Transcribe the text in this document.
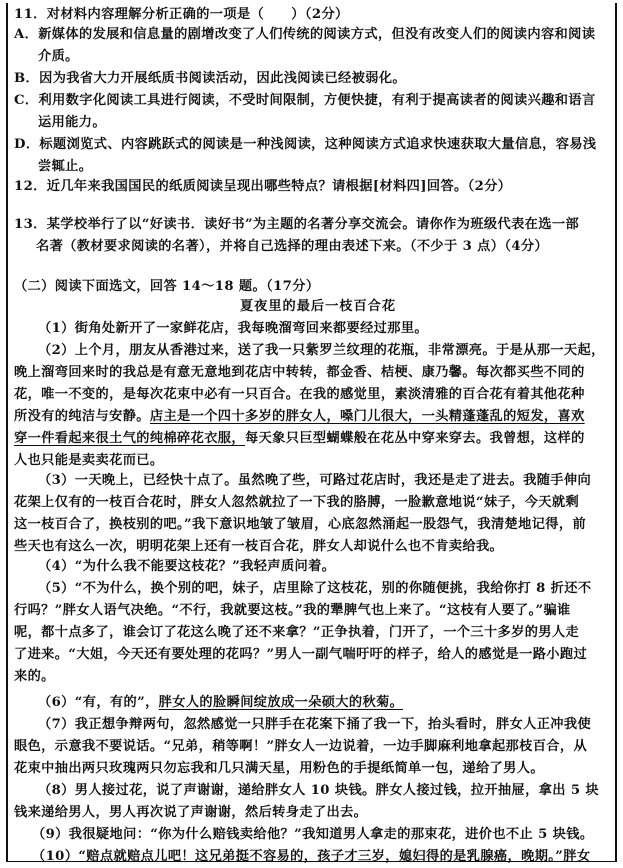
11．对材料内容理解分析正确的一项是（　　）（2分）
A．新媒体的发展和信息量的剧增改变了人们传统的阅读方式，但没有改变人们的阅读内容和阅读
介质。
B．因为我省大力开展纸质书阅读活动，因此浅阅读已经被弱化。
C．利用数字化阅读工具进行阅读，不受时间限制，方便快捷，有利于提高读者的阅读兴趣和语言
运用能力。
D．标题浏览式、内容跳跃式的阅读是一种浅阅读，这种阅读方式追求快速获取大量信息，容易浅
尝辄止。
12．近几年来我国国民的纸质阅读呈现出哪些特点？请根据[材料四]回答。（2分）
13．某学校举行了以“好读书．读好书”为主题的名著分享交流会。请你作为班级代表在选一部
名著（教材要求阅读的名著），并将自己选择的理由表述下来。（不少于 3 点）（4分）
（二）阅读下面选文，回答 14～18 题。（17分）
夏夜里的最后一枝百合花
（1）街角处新开了一家鲜花店，我每晚溜弯回来都要经过那里。
（2）上个月，朋友从香港过来，送了我一只紫罗兰纹理的花瓶，非常漂亮。于是从那一天起，
晚上溜弯回来时的我总是有意无意地到花店中转转，都金香、桔梗、康乃馨。每次都买些不同的
花，唯一不变的，是每次花束中必有一只百合。在我的感觉里，素淡清雅的百合花有着其他花种
所没有的纯洁与安静。店主是一个四十多岁的胖女人，嗓门儿很大，一头精蓬蓬乱的短发，喜欢
穿一件看起来很土气的纯棉碎花衣服，每天象只巨型蝴蝶般在花丛中穿来穿去。我曾想，这样的
人也只能是卖卖花而已。
（3）一天晚上，已经快十点了。虽然晚了些，可路过花店时，我还是走了进去。我随手伸向
花架上仅有的一枝百合花时，胖女人忽然就拉了一下我的胳膊，一脸歉意地说“妹子，今天就剩
这一枝百合了，换枝别的吧。”我下意识地皱了皱眉，心底忽然涌起一股怨气，我清楚地记得，前
些天也有这么一次，明明花架上还有一枝百合花，胖女人却说什么也不肯卖给我。
（4）“为什么我不能要这枝花？”我轻声质问着。
（5）“不为什么，换个别的吧，妹子，店里除了这枝花，别的你随便挑，我给你打 8 折还不
行吗？”胖女人语气决绝。“不行，我就要这枝。”我的犟脾气也上来了。“这枝有人要了。”骗谁
呢，都十点多了，谁会订了花这么晚了还不来拿？”正争执着，门开了，一个三十多岁的男人走
了进来。“大姐，今天还有要处理的花吗？”男人一副气喘吁吁的样子，给人的感觉是一路小跑过
来的。
（6）“有，有的”，胖女人的脸瞬间绽放成一朵硕大的秋菊。
（7）我正想争辩两句，忽然感觉一只胖手在花案下捅了我一下，抬头看时，胖女人正冲我使
眼色，示意我不要说话。“兄弟，稍等啊！”胖女人一边说着，一边手脚麻利地拿起那枝百合，从
花束中抽出两只玫瑰两只勿忘我和几只满天星，用粉色的手提纸简单一包，递给了男人。
（8）男人接过花，说了声谢谢，递给胖女人 10 块钱。胖女人接过钱，拉开抽屉，拿出 5 块
钱来递给男人，男人再次说了声谢谢，然后转身走了出去。
（9）我很疑地问：“你为什么赔钱卖给他？”我知道男人拿走的那束花，进价也不止 5 块钱。
（10）“赔点就赔点儿吧！这兄弟挺不容易的，孩子才三岁，媳妇得的是乳腺癌，晚期。”胖女
